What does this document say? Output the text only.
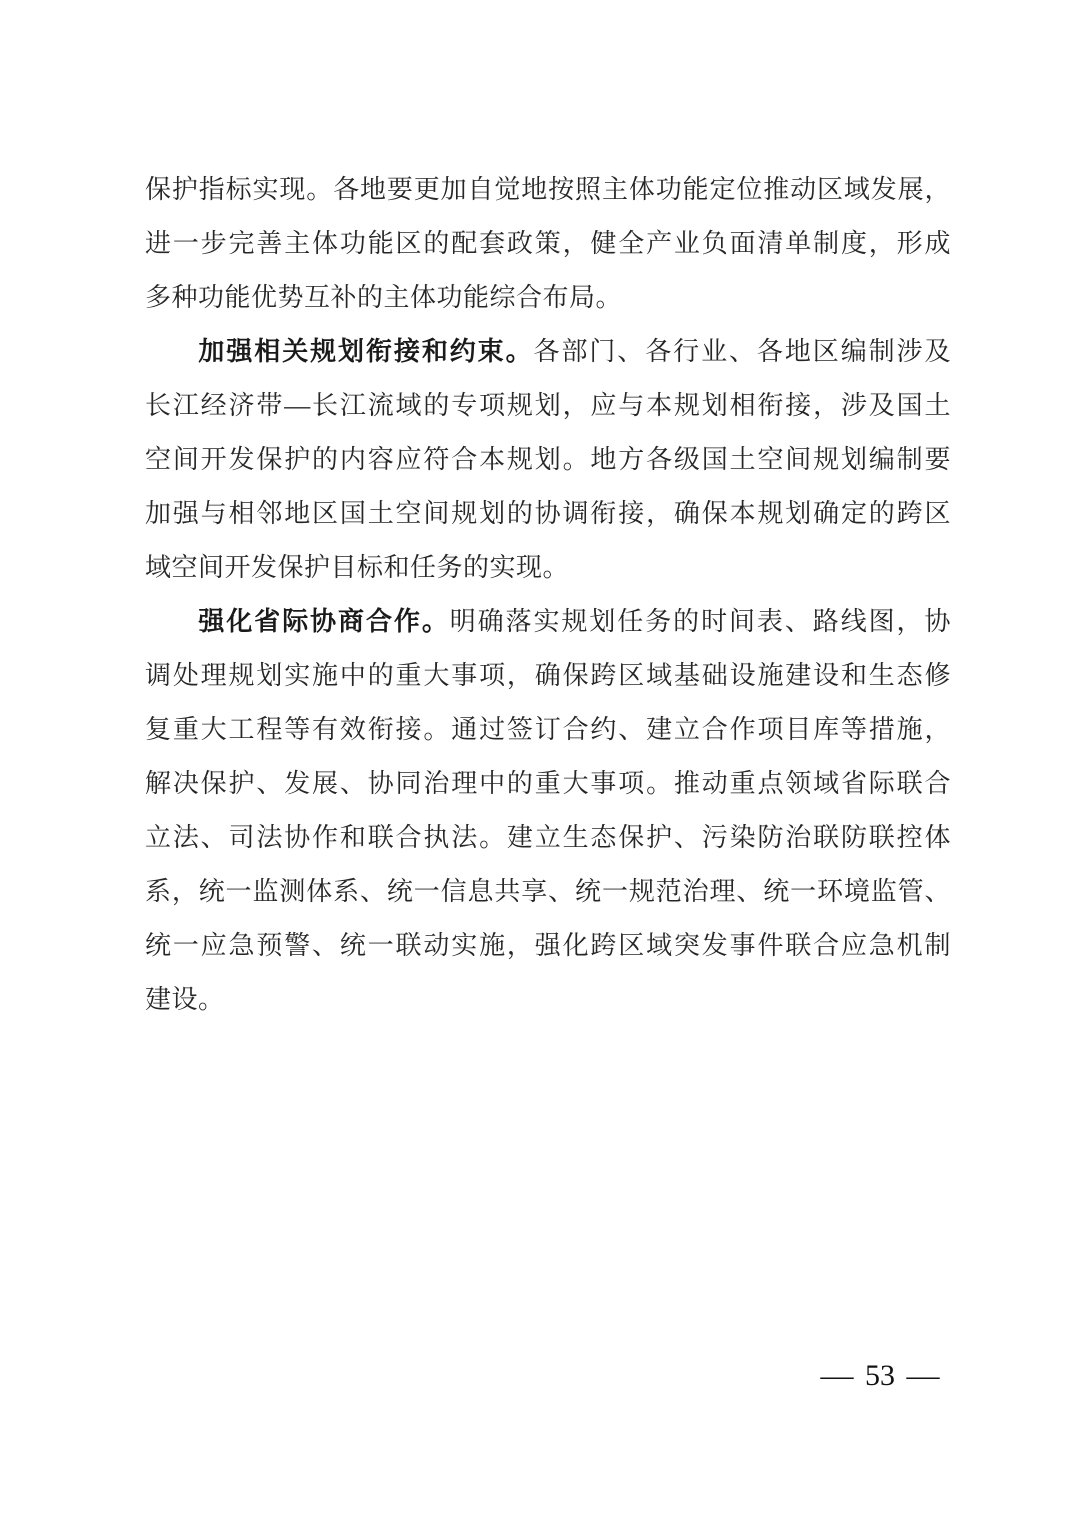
保护指标实现。各地要更加自觉地按照主体功能定位推动区域发展，
进一步完善主体功能区的配套政策，健全产业负面清单制度，形成
多种功能优势互补的主体功能综合布局。
加强相关规划衔接和约束。各部门、各行业、各地区编制涉及
长江经济带—长江流域的专项规划，应与本规划相衔接，涉及国土
空间开发保护的内容应符合本规划。地方各级国土空间规划编制要
加强与相邻地区国土空间规划的协调衔接，确保本规划确定的跨区
域空间开发保护目标和任务的实现。
强化省际协商合作。明确落实规划任务的时间表、路线图，协
调处理规划实施中的重大事项，确保跨区域基础设施建设和生态修
复重大工程等有效衔接。通过签订合约、建立合作项目库等措施，
解决保护、发展、协同治理中的重大事项。推动重点领域省际联合
立法、司法协作和联合执法。建立生态保护、污染防治联防联控体
系，统一监测体系、统一信息共享、统一规范治理、统一环境监管、
统一应急预警、统一联动实施，强化跨区域突发事件联合应急机制
建设。
— 53 —
